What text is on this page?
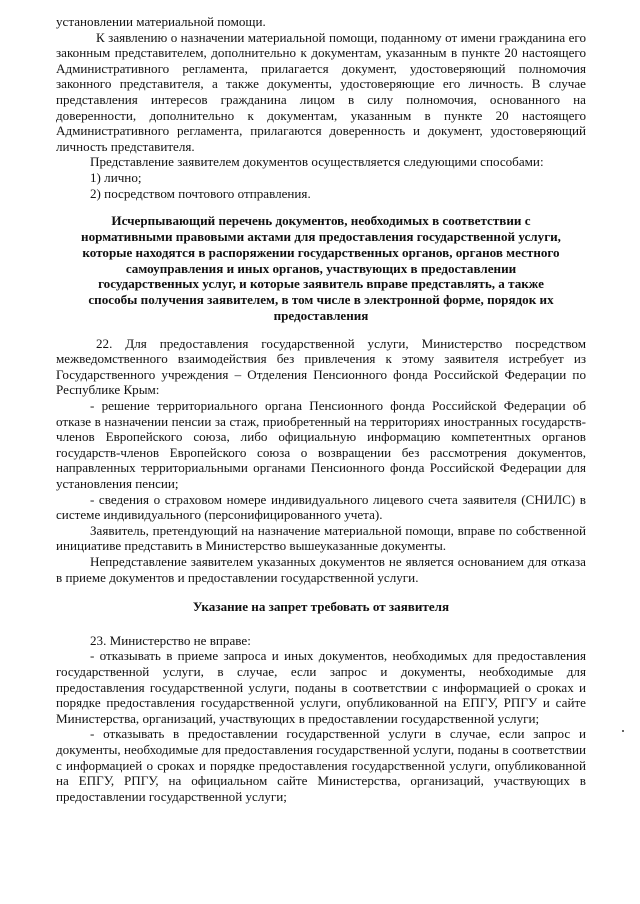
установлении материальной помощи.

К заявлению о назначении материальной помощи, поданному от имени гражданина его законным представителем, дополнительно к документам, указанным в пункте 20 настоящего Административного регламента, прилагается документ, удостоверяющий полномочия законного представителя, а также документы, удостоверяющие его личность. В случае представления интересов гражданина лицом в силу полномочия, основанного на доверенности, дополнительно к документам, указанным в пункте 20 настоящего Административного регламента, прилагаются доверенность и документ, удостоверяющий личность представителя.

Представление заявителем документов осуществляется следующими способами:

1) лично;

2) посредством почтового отправления.

Исчерпывающий перечень документов, необходимых в соответствии с нормативными правовыми актами для предоставления государственной услуги, которые находятся в распоряжении государственных органов, органов местного самоуправления и иных органов, участвующих в предоставлении государственных услуг, и которые заявитель вправе представлять, а также способы получения заявителем, в том числе в электронной форме, порядок их предоставления

22. Для предоставления государственной услуги, Министерство посредством межведомственного взаимодействия без привлечения к этому заявителя истребует из Государственного учреждения – Отделения Пенсионного фонда Российской Федерации по Республике Крым:

- решение территориального органа Пенсионного фонда Российской Федерации об отказе в назначении пенсии за стаж, приобретенный на территориях иностранных государств-членов Европейского союза, либо официальную информацию компетентных органов государств-членов Европейского союза о возвращении без рассмотрения документов, направленных территориальными органами Пенсионного фонда Российской Федерации для установления пенсии;

- сведения о страховом номере индивидуального лицевого счета заявителя (СНИЛС) в системе индивидуального (персонифицированного учета).

Заявитель, претендующий на назначение материальной помощи, вправе по собственной инициативе представить в Министерство вышеуказанные документы.

Непредставление заявителем указанных документов не является основанием для отказа в приеме документов и предоставлении государственной услуги.

Указание на запрет требовать от заявителя

23. Министерство не вправе:

- отказывать в приеме запроса и иных документов, необходимых для предоставления государственной услуги, в случае, если запрос и документы, необходимые для предоставления государственной услуги, поданы в соответствии с информацией о сроках и порядке предоставления государственной услуги, опубликованной на ЕПГУ, РПГУ и сайте Министерства, организаций, участвующих в предоставлении государственной услуги;

- отказывать в предоставлении государственной услуги в случае, если запрос и документы, необходимые для предоставления государственной услуги, поданы в соответствии с информацией о сроках и порядке предоставления государственной услуги, опубликованной на ЕПГУ, РПГУ, на официальном сайте Министерства, организаций, участвующих в предоставлении государственной услуги;
